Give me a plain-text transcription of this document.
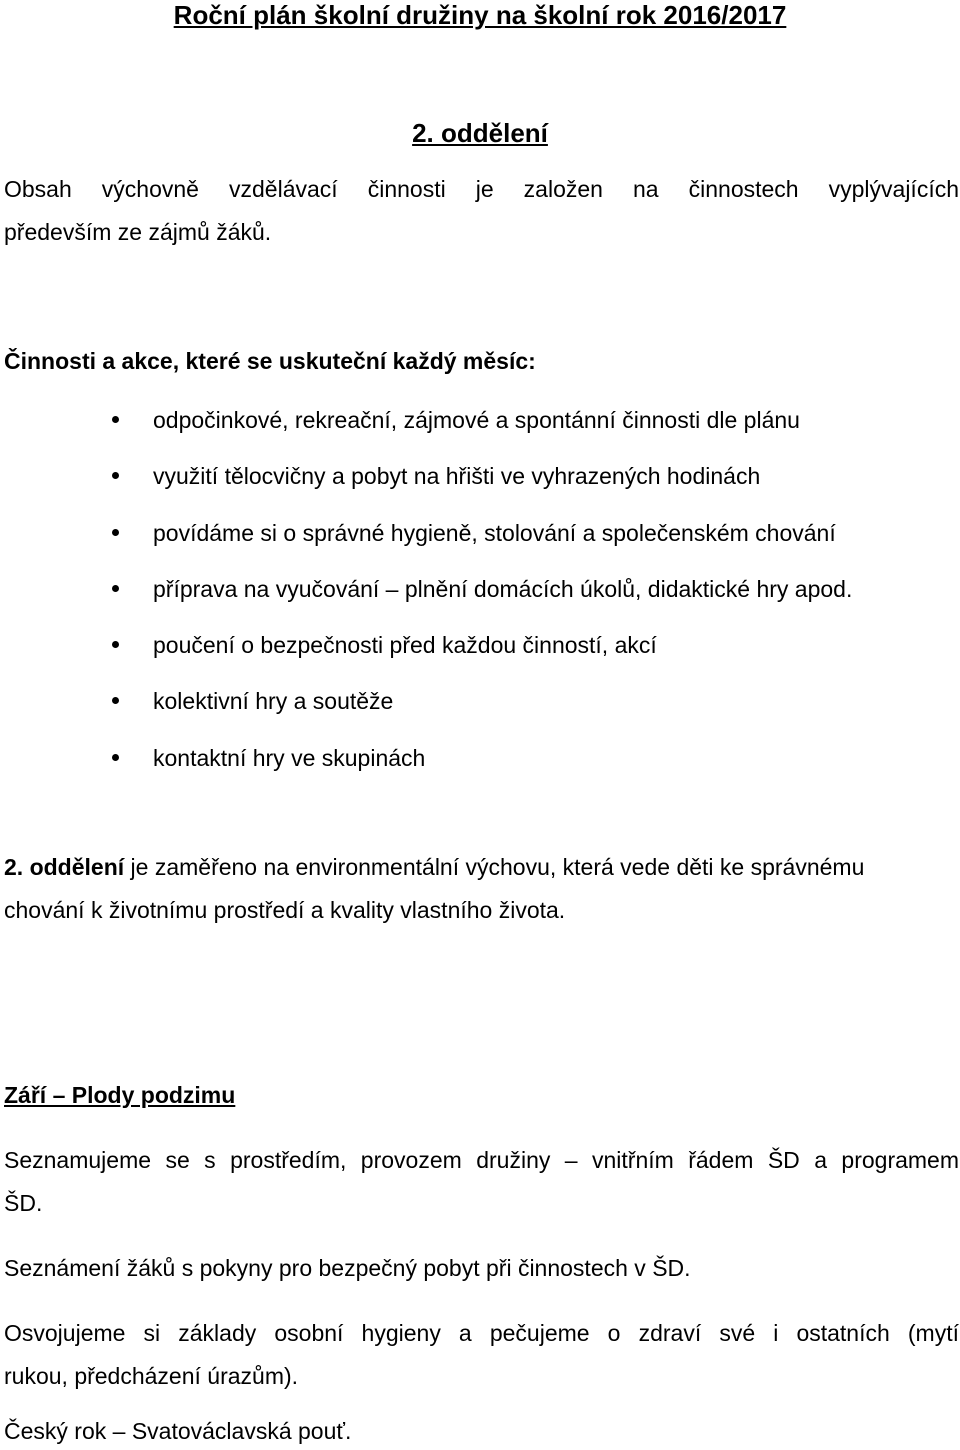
Roční plán školní družiny na školní rok 2016/2017
2. oddělení

Obsah výchovně vzdělávací činnosti je založen na činnostech vyplývajících

především ze zájmů žáků.

Činnosti a akce, které se uskuteční každý měsíc:

odpočinkové, rekreační, zájmové a spontánní činnosti dle plánu
využití tělocvičny a pobyt na hřišti ve vyhrazených hodinách
povídáme si o správné hygieně, stolování a společenském chování
příprava na vyučování – plnění domácích úkolů, didaktické hry apod.
poučení o bezpečnosti před každou činností, akcí
kolektivní hry a soutěže
kontaktní hry ve skupinách

2. oddělení je zaměřeno na environmentální výchovu, která vede děti ke správnému

chování k životnímu prostředí a kvality vlastního života.

Září – Plody podzimu

Seznamujeme se s prostředím, provozem družiny – vnitřním řádem ŠD a programem

ŠD.

Seznámení žáků s pokyny pro bezpečný pobyt při činnostech v ŠD.

Osvojujeme si základy osobní hygieny a pečujeme o zdraví své i ostatních (mytí

rukou, předcházení úrazům).

Český rok – Svatováclavská pouť.
